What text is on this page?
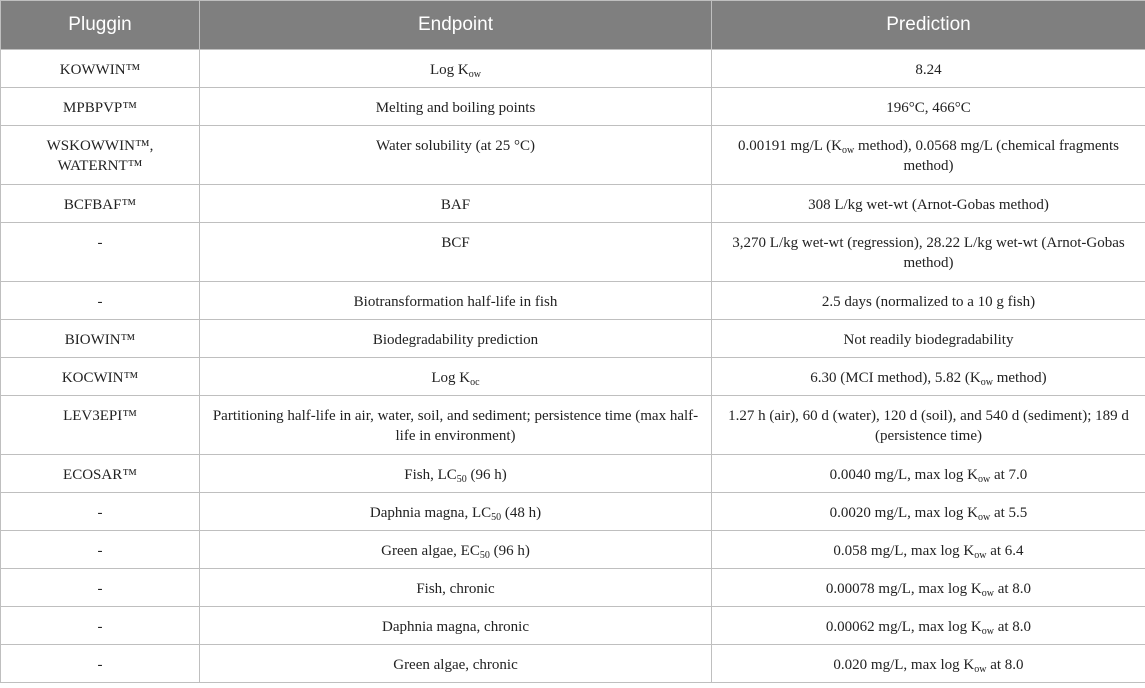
Pluggin	Endpoint	Prediction
KOWWIN™	Log $K_{ow}$	8.24
MPBPVP™	Melting and boiling points	196°C, 466°C
WSKOWWIN™, WATERNT™	Water solubility (at 25 °C)	0.00191 mg/L ($K_{ow}$ method), 0.0568 mg/L (chemical fragments method)
BCFBAF™	BAF	308 L/kg wet-wt (Arnot-Gobas method)
-	BCF	3,270 L/kg wet-wt (regression), 28.22 L/kg wet-wt (Arnot-Gobas method)
-	Biotransformation half-life in fish	2.5 days (normalized to a 10 g fish)
BIOWIN™	Biodegradability prediction	Not readily biodegradability
KOCWIN™	Log $K_{oc}$	6.30 (MCI method), 5.82 ($K_{ow}$ method)
LEV3EPI™	Partitioning half-life in air, water, soil, and sediment; persistence time (max half-life in environment)	1.27 h (air), 60 d (water), 120 d (soil), and 540 d (sediment); 189 d (persistence time)
ECOSAR™	Fish, $LC_{50}$ (96 h)	0.0040 mg/L, $\max \log K_{ow}$ at 7.0
-	Daphnia magna, $LC_{50}$ (48 h)	0.0020 mg/L, $\max \log K_{ow}$ at 5.5
-	Green algae, $EC_{50}$ (96 h)	0.058 mg/L, $\max \log K_{ow}$ at 6.4
-	Fish, chronic	0.00078 mg/L, $\max \log K_{ow}$ at 8.0
-	Daphnia magna, chronic	0.00062 mg/L, $\max \log K_{ow}$ at 8.0
-	Green algae, chronic	0.020 mg/L, $\max \log K_{ow}$ at 8.0
